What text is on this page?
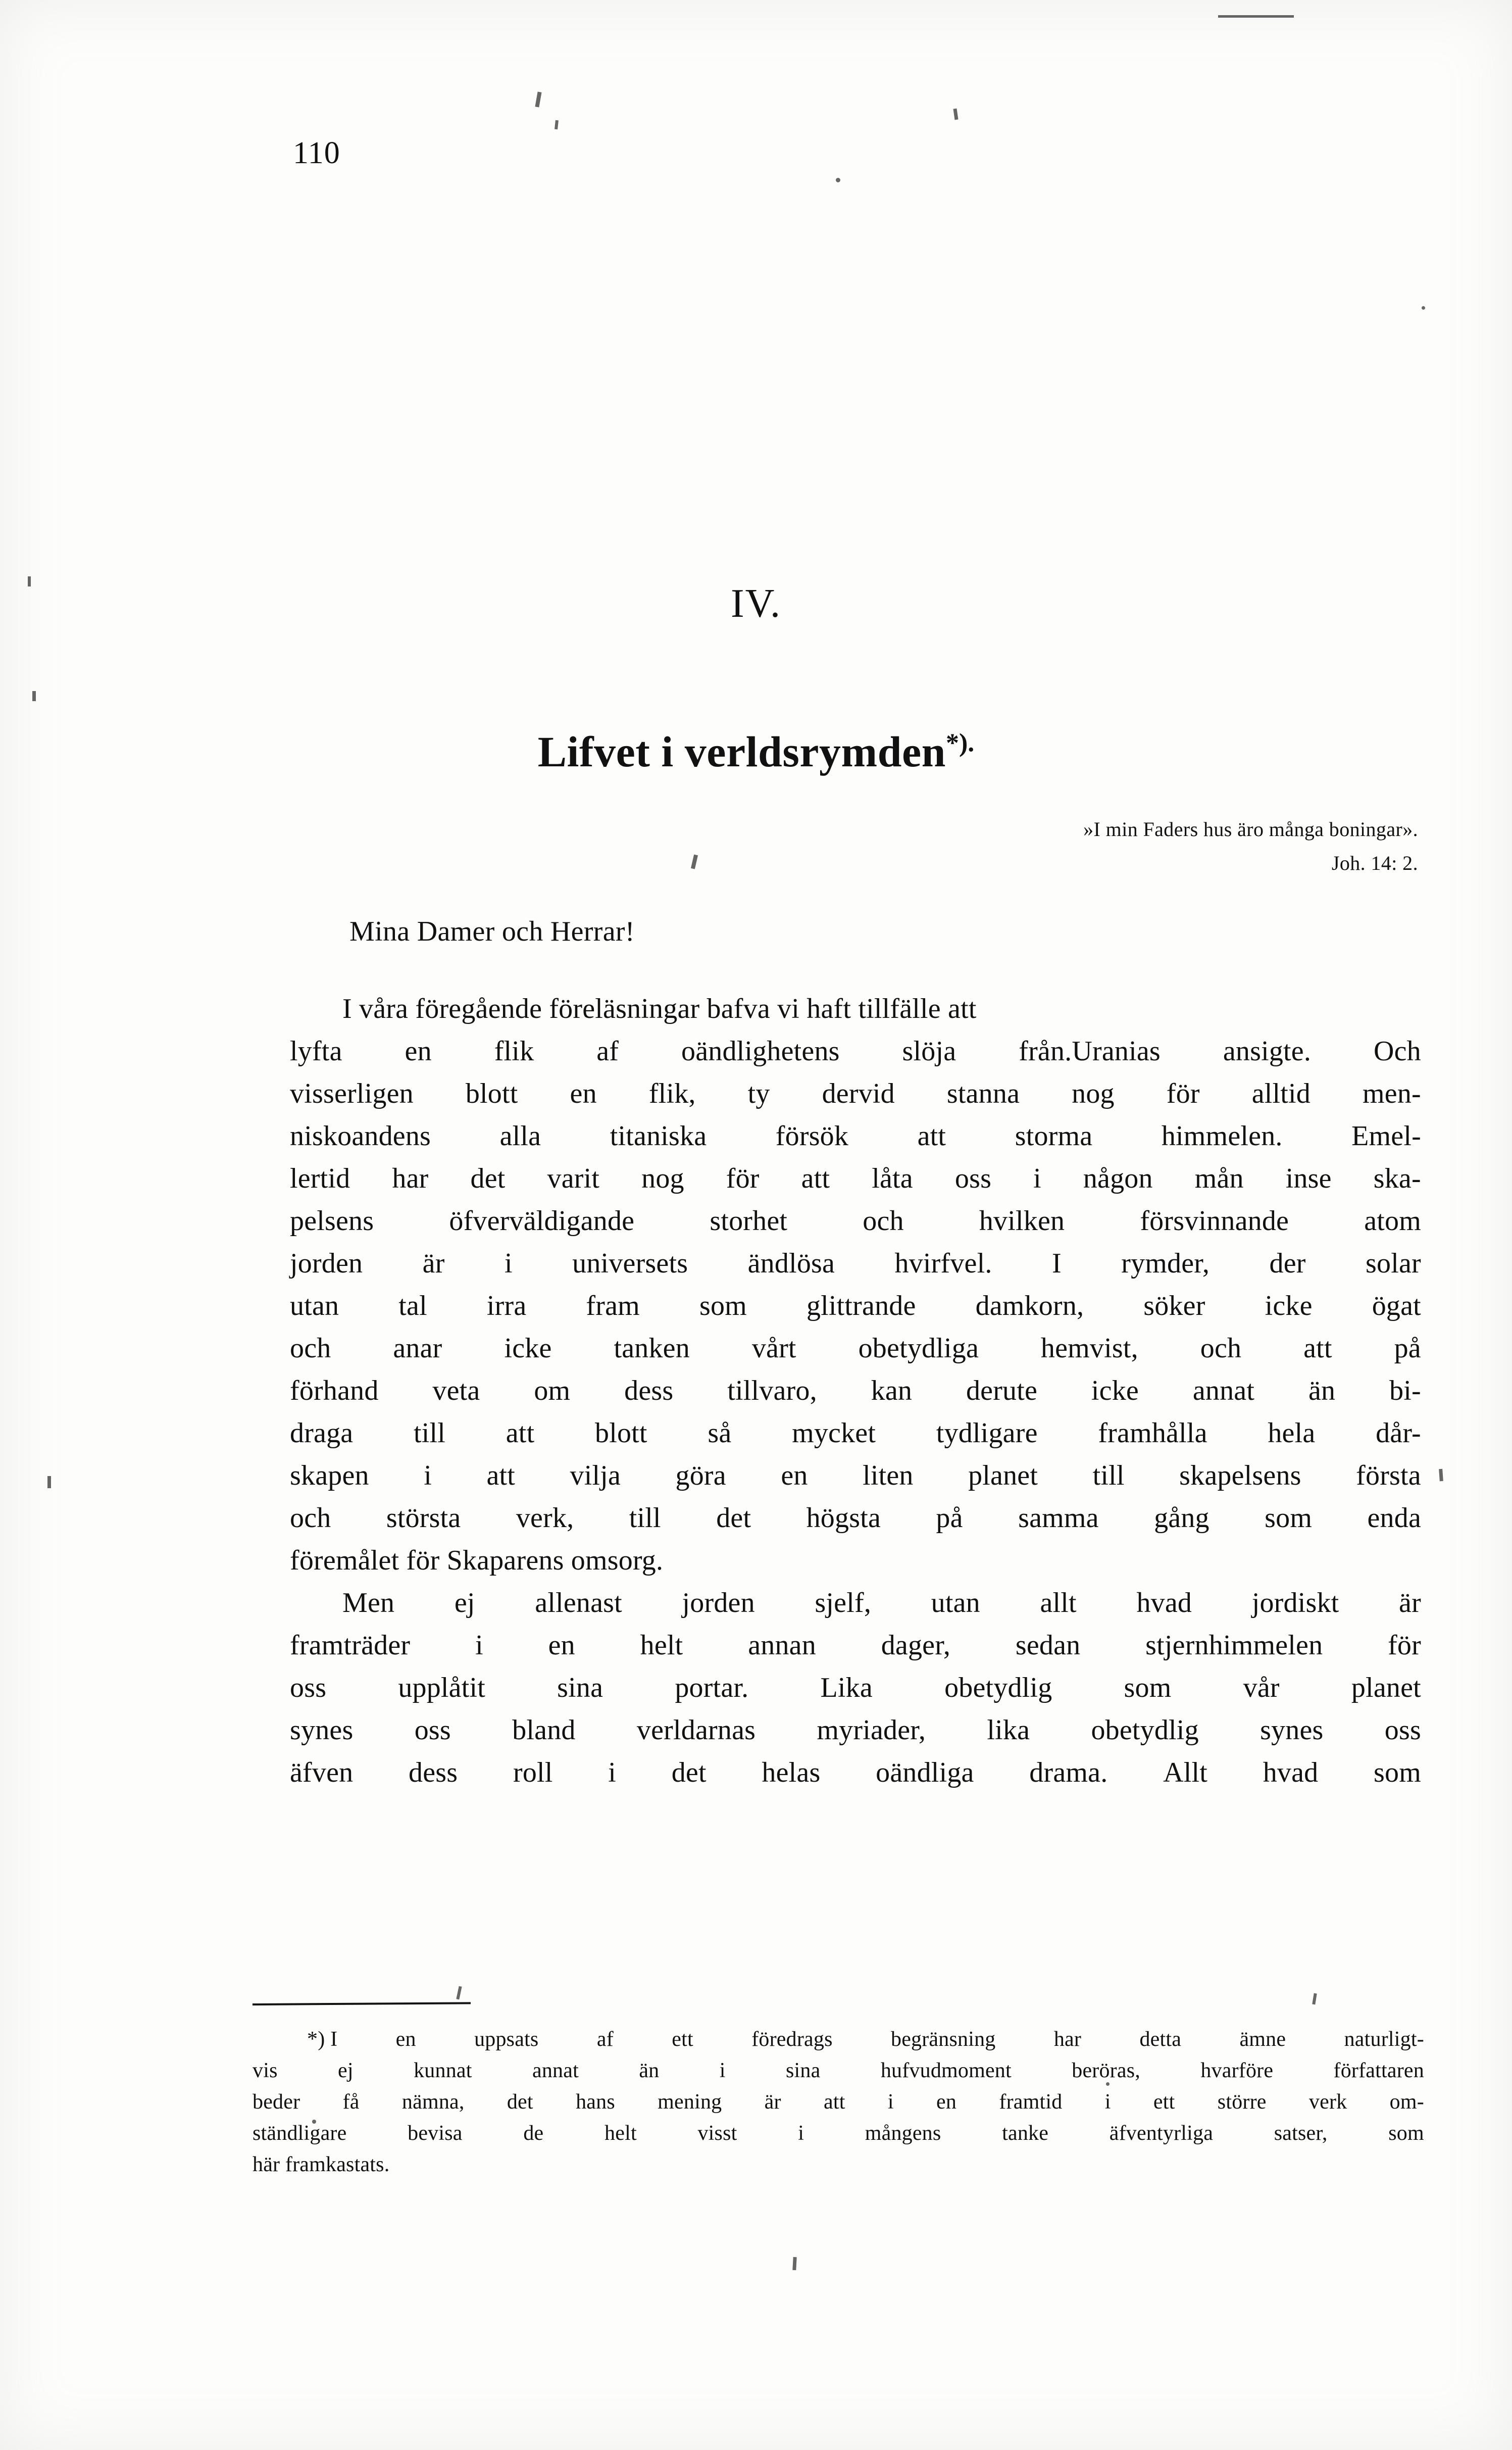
110
IV.
Lifvet i verldsrymden*).
»I min Faders hus äro många boningar».
Joh. 14: 2.
Mina Damer och Herrar!
I våra föregående föreläsningar bafva vi haft tillfälle att
lyfta en flik af oändlighetens slöja från.Uranias ansigte. Och
visserligen blott en flik, ty dervid stanna nog för alltid men-
niskoandens alla titaniska försök att storma himmelen. Emel-
lertid har det varit nog för att låta oss i någon mån inse ska-
pelsens	öfverväldigande	storhet	och	hvilken	försvinnande	atom
jorden är i universets ändlösa hvirfvel. I rymder, der solar
utan tal irra fram som glittrande damkorn, söker icke ögat
och anar icke tanken vårt obetydliga hemvist, och att på
förhand veta om dess tillvaro, kan derute icke annat än bi-
draga till att blott så mycket tydligare framhålla hela dår-
skapen i att vilja göra en liten planet till skapelsens första
och största verk, till det högsta på samma gång som enda
föremålet för Skaparens omsorg.
Men ej allenast jorden sjelf, utan allt hvad jordiskt är
framträder i en helt annan dager, sedan stjernhimmelen för
oss	upplåtit	sina	portar.	Lika	obetydlig	som	vår	planet
synes oss bland verldarnas myriader, lika obetydlig synes oss
äfven dess roll i det helas oändliga drama. Allt hvad som
*) I	en	uppsats	af	ett	föredrags	begränsning	har	detta	ämne	naturligt-
vis	ej	kunnat	annat	än	i	sina	hufvudmoment	beröras,	hvarföre	författaren
beder få nämna, det hans mening är att i en framtid i ett större verk om-
ständligare	bevisa	de	helt	visst	i	mångens	tanke	äfventyrliga	satser,	som
här framkastats.
